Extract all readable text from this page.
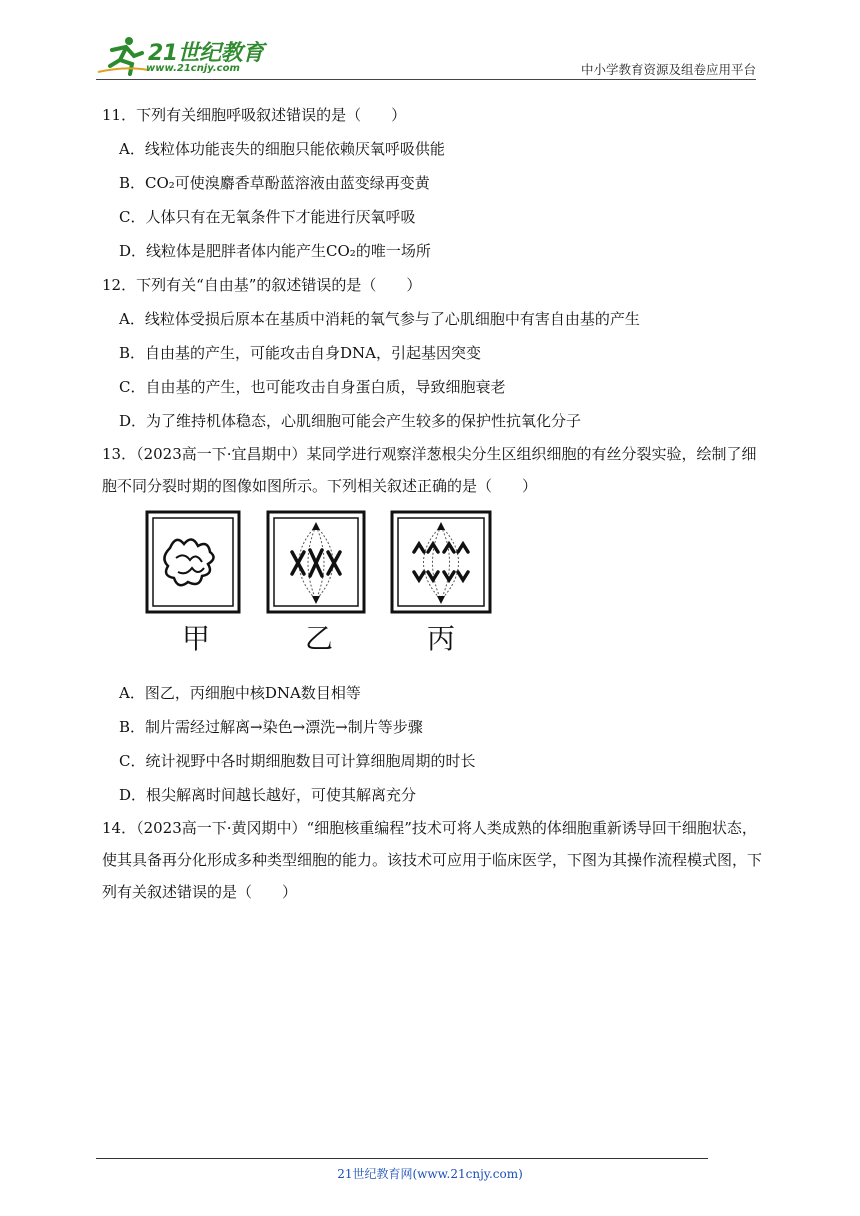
21世纪教育
www.21cnjy.com	中小学教育资源及组卷应用平台

11．下列有关细胞呼吸叙述错误的是（　　）

A．线粒体功能丧失的细胞只能依赖厌氧呼吸供能

B．CO₂可使溴麝香草酚蓝溶液由蓝变绿再变黄

C．人体只有在无氧条件下才能进行厌氧呼吸

D．线粒体是肥胖者体内能产生CO₂的唯一场所

12．下列有关“自由基”的叙述错误的是（　　）

A．线粒体受损后原本在基质中消耗的氧气参与了心肌细胞中有害自由基的产生

B．自由基的产生，可能攻击自身DNA，引起基因突变

C．自由基的产生，也可能攻击自身蛋白质，导致细胞衰老

D．为了维持机体稳态，心肌细胞可能会产生较多的保护性抗氧化分子

13．（2023高一下·宜昌期中）某同学进行观察洋葱根尖分生区组织细胞的有丝分裂实验，绘制了细胞不同分裂时期的图像如图所示。下列相关叙述正确的是（　　）

甲	乙	丙

A．图乙，丙细胞中核DNA数目相等

B．制片需经过解离→染色→漂洗→制片等步骤

C．统计视野中各时期细胞数目可计算细胞周期的时长

D．根尖解离时间越长越好，可使其解离充分

14．（2023高一下·黄冈期中）“细胞核重编程”技术可将人类成熟的体细胞重新诱导回干细胞状态，使其具备再分化形成多种类型细胞的能力。该技术可应用于临床医学，下图为其操作流程模式图，下列有关叙述错误的是（　　）

21世纪教育网(www.21cnjy.com)
